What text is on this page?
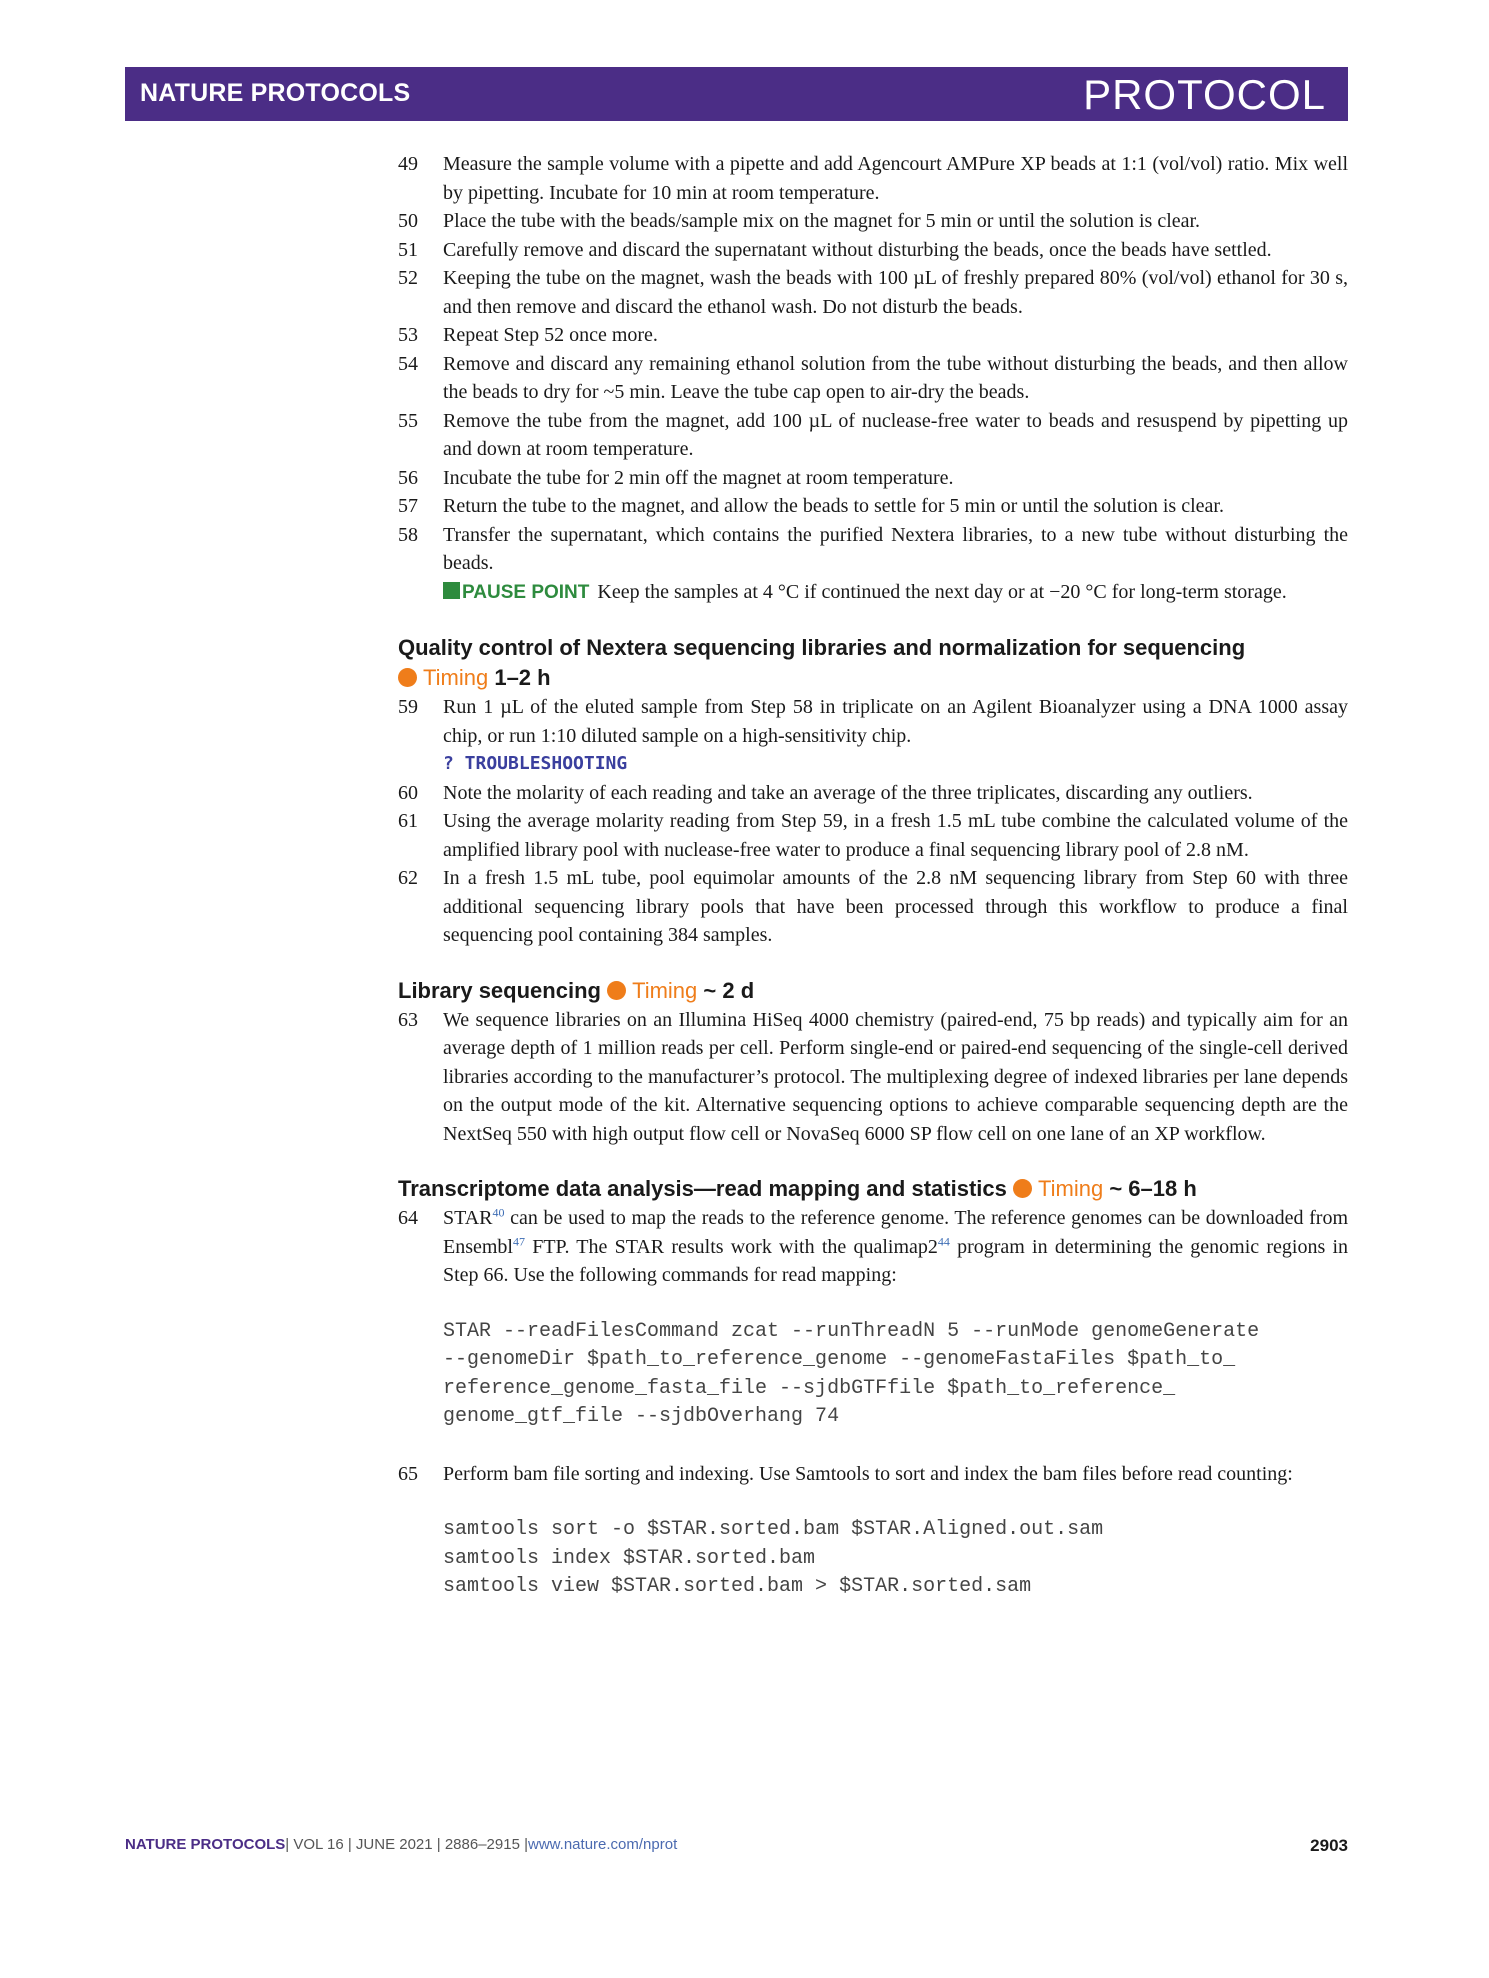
NATURE PROTOCOLS	PROTOCOL
49 Measure the sample volume with a pipette and add Agencourt AMPure XP beads at 1:1 (vol/vol) ratio. Mix well by pipetting. Incubate for 10 min at room temperature.
50 Place the tube with the beads/sample mix on the magnet for 5 min or until the solution is clear.
51 Carefully remove and discard the supernatant without disturbing the beads, once the beads have settled.
52 Keeping the tube on the magnet, wash the beads with 100 µL of freshly prepared 80% (vol/vol) ethanol for 30 s, and then remove and discard the ethanol wash. Do not disturb the beads.
53 Repeat Step 52 once more.
54 Remove and discard any remaining ethanol solution from the tube without disturbing the beads, and then allow the beads to dry for ~5 min. Leave the tube cap open to air-dry the beads.
55 Remove the tube from the magnet, add 100 µL of nuclease-free water to beads and resuspend by pipetting up and down at room temperature.
56 Incubate the tube for 2 min off the magnet at room temperature.
57 Return the tube to the magnet, and allow the beads to settle for 5 min or until the solution is clear.
58 Transfer the supernatant, which contains the purified Nextera libraries, to a new tube without disturbing the beads.
PAUSE POINT Keep the samples at 4 °C if continued the next day or at −20 °C for long-term storage.
Quality control of Nextera sequencing libraries and normalization for sequencing
Timing 1–2 h
59 Run 1 µL of the eluted sample from Step 58 in triplicate on an Agilent Bioanalyzer using a DNA 1000 assay chip, or run 1:10 diluted sample on a high-sensitivity chip.
? TROUBLESHOOTING
60 Note the molarity of each reading and take an average of the three triplicates, discarding any outliers.
61 Using the average molarity reading from Step 59, in a fresh 1.5 mL tube combine the calculated volume of the amplified library pool with nuclease-free water to produce a final sequencing library pool of 2.8 nM.
62 In a fresh 1.5 mL tube, pool equimolar amounts of the 2.8 nM sequencing library from Step 60 with three additional sequencing library pools that have been processed through this workflow to produce a final sequencing pool containing 384 samples.
Library sequencing Timing ~ 2 d
63 We sequence libraries on an Illumina HiSeq 4000 chemistry (paired-end, 75 bp reads) and typically aim for an average depth of 1 million reads per cell. Perform single-end or paired-end sequencing of the single-cell derived libraries according to the manufacturer’s protocol. The multiplexing degree of indexed libraries per lane depends on the output mode of the kit. Alternative sequencing options to achieve comparable sequencing depth are the NextSeq 550 with high output flow cell or NovaSeq 6000 SP flow cell on one lane of an XP workflow.
Transcriptome data analysis—read mapping and statistics Timing ~ 6–18 h
64 STAR$^{40}$ can be used to map the reads to the reference genome. The reference genomes can be downloaded from Ensembl$^{47}$ FTP. The STAR results work with the $qualimap2^{44}$ program in determining the genomic regions in Step 66. Use the following commands for read mapping:
STAR --readFilesCommand zcat --runThreadN 5 --runMode genomeGenerate
--genomeDir $path_to_reference_genome --genomeFastaFiles $path_to_
reference_genome_fasta_file --sjdbGTFfile $path_to_reference_
genome_gtf_file --sjdbOverhang 74
65 Perform bam file sorting and indexing. Use Samtools to sort and index the bam files before read counting:
samtools sort -o $STAR.sorted.bam $STAR.Aligned.out.sam
samtools index $STAR.sorted.bam
samtools view $STAR.sorted.bam > $STAR.sorted.sam
NATURE PROTOCOLS| VOL 16 | JUNE 2021 | 2886–2915 |www.nature.com/nprot	2903
